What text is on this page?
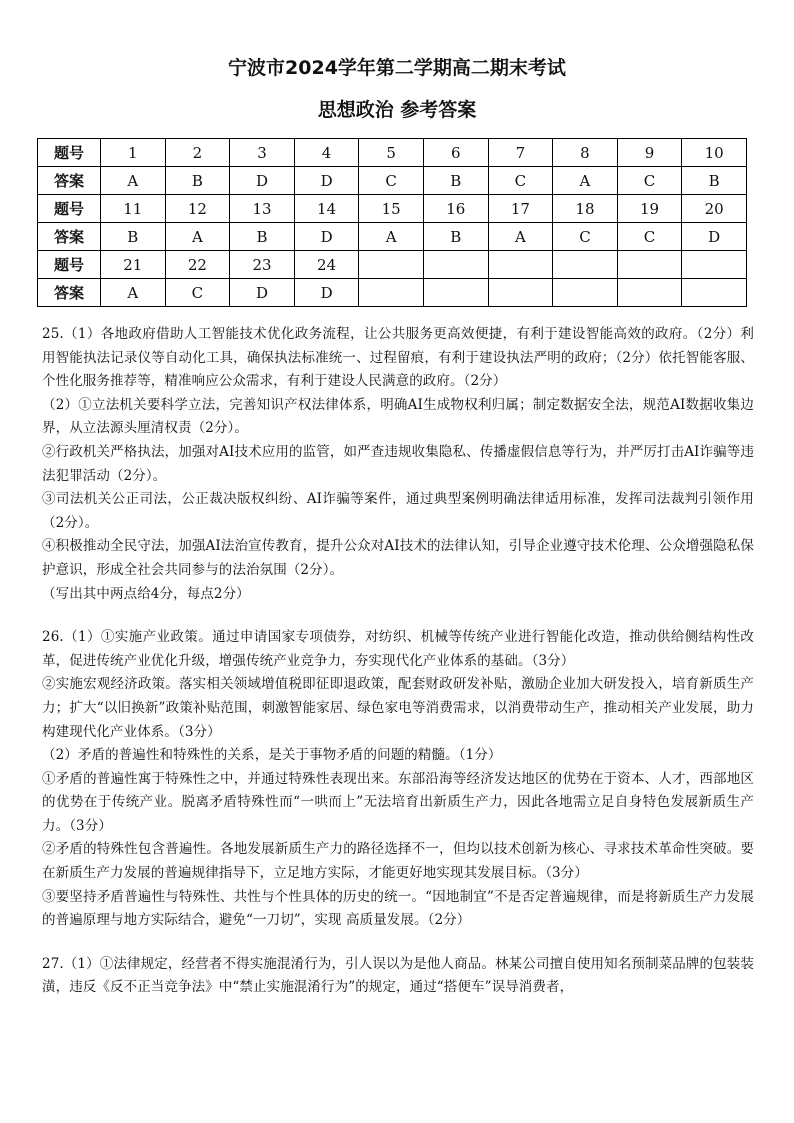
宁波市2024学年第二学期高二期末考试
思想政治 参考答案
题号	1	2	3	4	5	6	7	8	9	10
答案	A	B	D	D	C	B	C	A	C	B
题号	11	12	13	14	15	16	17	18	19	20
答案	B	A	B	D	A	B	A	C	C	D
题号	21	22	23	24						
答案	A	C	D	D						

25.（1）各地政府借助人工智能技术优化政务流程，让公共服务更高效便捷，有利于建设智能高效的政府。（2分）利用智能执法记录仪等自动化工具，确保执法标准统一、过程留痕，有利于建设执法严明的政府；（2分）依托智能客服、个性化服务推荐等，精准响应公众需求，有利于建设人民满意的政府。（2分）

（2）①立法机关要科学立法，完善知识产权法律体系，明确AI生成物权利归属；制定数据安全法，规范AI数据收集边界，从立法源头厘清权责（2分）。

②行政机关严格执法，加强对AI技术应用的监管，如严查违规收集隐私、传播虚假信息等行为，并严厉打击AI诈骗等违法犯罪活动（2分）。

③司法机关公正司法，公正裁决版权纠纷、AI诈骗等案件，通过典型案例明确法律适用标准，发挥司法裁判引领作用（2分）。

④积极推动全民守法，加强AI法治宣传教育，提升公众对AI技术的法律认知，引导企业遵守技术伦理、公众增强隐私保护意识，形成全社会共同参与的法治氛围（2分）。

（写出其中两点给4分，每点2分）

26.（1）①实施产业政策。通过申请国家专项债券，对纺织、机械等传统产业进行智能化改造，推动供给侧结构性改革，促进传统产业优化升级，增强传统产业竞争力，夯实现代化产业体系的基础。（3分）

②实施宏观经济政策。落实相关领域增值税即征即退政策，配套财政研发补贴，激励企业加大研发投入，培育新质生产力；扩大“以旧换新”政策补贴范围，刺激智能家居、绿色家电等消费需求，以消费带动生产，推动相关产业发展，助力构建现代化产业体系。（3分）

（2）矛盾的普遍性和特殊性的关系，是关于事物矛盾的问题的精髓。（1分）

①矛盾的普遍性寓于特殊性之中，并通过特殊性表现出来。东部沿海等经济发达地区的优势在于资本、人才，西部地区的优势在于传统产业。脱离矛盾特殊性而“一哄而上”无法培育出新质生产力，因此各地需立足自身特色发展新质生产力。（3分）

②矛盾的特殊性包含普遍性。各地发展新质生产力的路径选择不一，但均以技术创新为核心、寻求技术革命性突破。要在新质生产力发展的普遍规律指导下，立足地方实际，才能更好地实现其发展目标。（3分）

③要坚持矛盾普遍性与特殊性、共性与个性具体的历史的统一。“因地制宜”不是否定普遍规律，而是将新质生产力发展的普遍原理与地方实际结合，避免“一刀切”，实现 高质量发展。（2分）

27.（1）①法律规定，经营者不得实施混淆行为，引人误以为是他人商品。林某公司擅自使用知名预制菜品牌的包装装潢，违反《反不正当竞争法》中“禁止实施混淆行为”的规定，通过“搭便车”误导消费者，
